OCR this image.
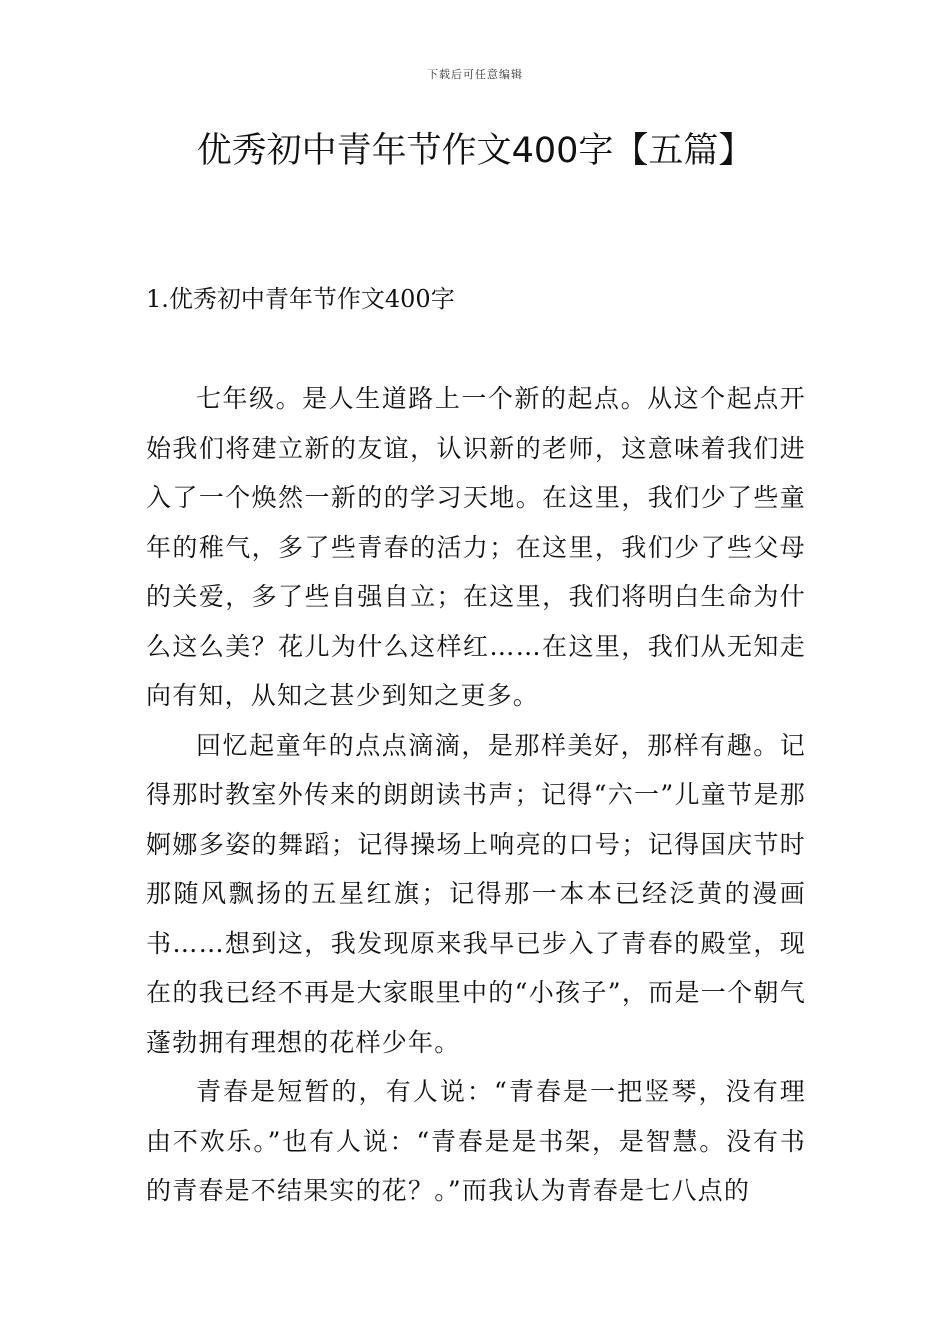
下载后可任意编辑
优秀初中青年节作文400字【五篇】
1.优秀初中青年节作文400字

七年级。是人生道路上一个新的起点。从这个起点开始我们将建立新的友谊，认识新的老师，这意味着我们进入了一个焕然一新的的学习天地。在这里，我们少了些童年的稚气，多了些青春的活力；在这里，我们少了些父母的关爱，多了些自强自立；在这里，我们将明白生命为什么这么美？花儿为什么这样红……在这里，我们从无知走向有知，从知之甚少到知之更多。

回忆起童年的点点滴滴，是那样美好，那样有趣。记得那时教室外传来的朗朗读书声；记得“六一”儿童节是那婀娜多姿的舞蹈；记得操场上响亮的口号；记得国庆节时那随风飘扬的五星红旗；记得那一本本已经泛黄的漫画书……想到这，我发现原来我早已步入了青春的殿堂，现在的我已经不再是大家眼里中的“小孩子”，而是一个朝气蓬勃拥有理想的花样少年。

青春是短暂的，有人说：“青春是一把竖琴，没有理由不欢乐。”也有人说：“青春是是书架，是智慧。没有书的青春是不结果实的花？。”而我认为青春是七八点的
